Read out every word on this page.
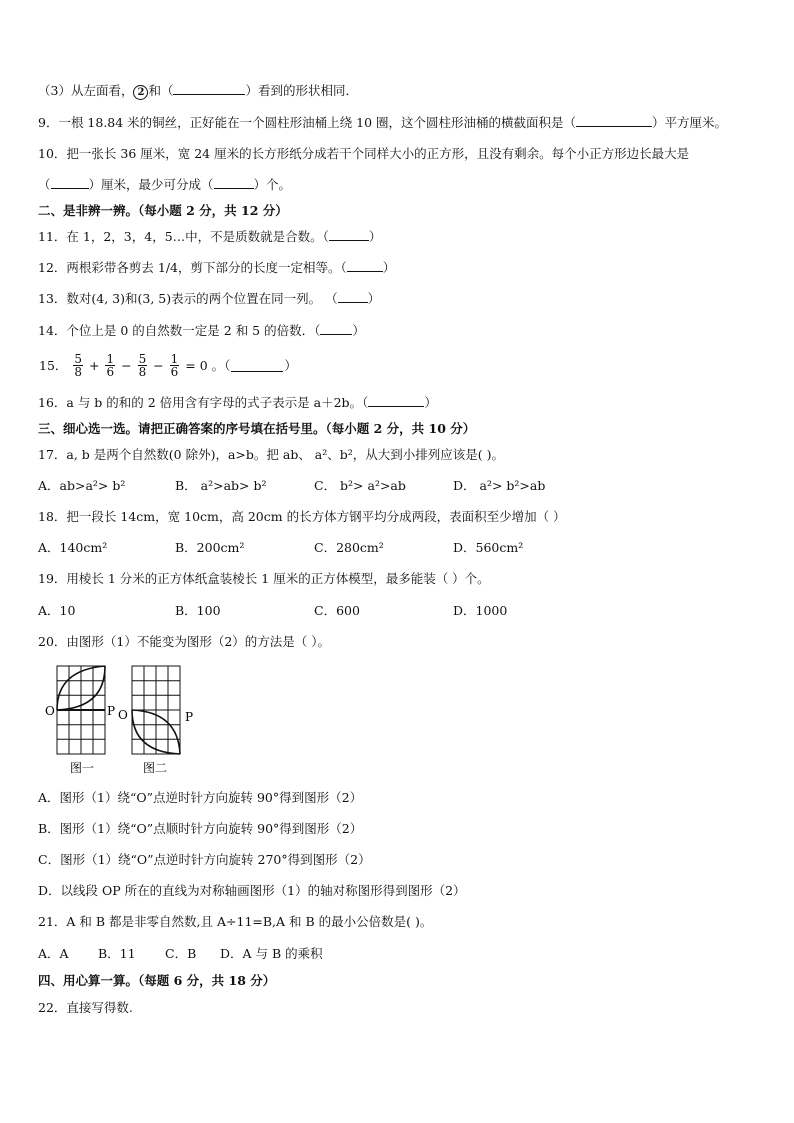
（3）从左面看， 2 和（	）看到的形状相同．
9．一根 18.84 米的铜丝，正好能在一个圆柱形油桶上绕 10 圈，这个圆柱形油桶的横截面积是（	）平方厘米。
10．把一张长 36 厘米，宽 24 厘米的长方形纸分成若干个同样大小的正方形，且没有剩余。每个小正方形边长最大是
（	）厘米，最少可分成（	）个。
二、是非辨一辨。（每小题 2 分，共 12 分）
11．在 1，2，3，4，5…中，不是质数就是合数。（	）
12．两根彩带各剪去 1/4，剪下部分的长度一定相等。（	）
13．数对(4, 3)和(3, 5)表示的两个位置在同一列。 （ ）
14．个位上是 0 的自然数一定是 2 和 5 的倍数．（	）
15． $\frac{5}{8} + \frac{1}{6} - \frac{5}{8} - \frac{1}{6} = 0$ 。（	）
16．a 与 b 的和的 2 倍用含有字母的式子表示是 a＋2b。（	）
三、细心选一选。请把正确答案的序号填在括号里。（每小题 2 分，共 10 分）
17．a, b 是两个自然数(0 除外)，a>b。把 ab、 a²、b²，从大到小排列应该是( )。
A．ab>a²> b²	B． a²>ab> b²	C． b²> a²>ab	D． a²> b²>ab
18．把一段长 14cm，宽 10cm，高 20cm 的长方体方钢平均分成两段，表面积至少增加（ ）
A．140cm²	B．200cm²	C．280cm²	D．560cm²
19．用棱长 1 分米的正方体纸盒装棱长 1 厘米的正方体模型，最多能装（ ）个。
A．10	B．100	C．600	D．1000
20．由图形（1）不能变为图形（2）的方法是（ ）。
O	P O	P
图一	图二
A．图形（1）绕“O”点逆时针方向旋转 90°得到图形（2）
B．图形（1）绕“O”点顺时针方向旋转 90°得到图形（2）
C．图形（1）绕“O”点逆时针方向旋转 270°得到图形（2）
D．以线段 OP 所在的直线为对称轴画图形（1）的轴对称图形得到图形（2）
21．A 和 B 都是非零自然数,且 A÷11=B,A 和 B 的最小公倍数是( )。
A．A B．11 C．B D．A 与 B 的乘积
四、用心算一算。（每题 6 分，共 18 分）
22．直接写得数.
